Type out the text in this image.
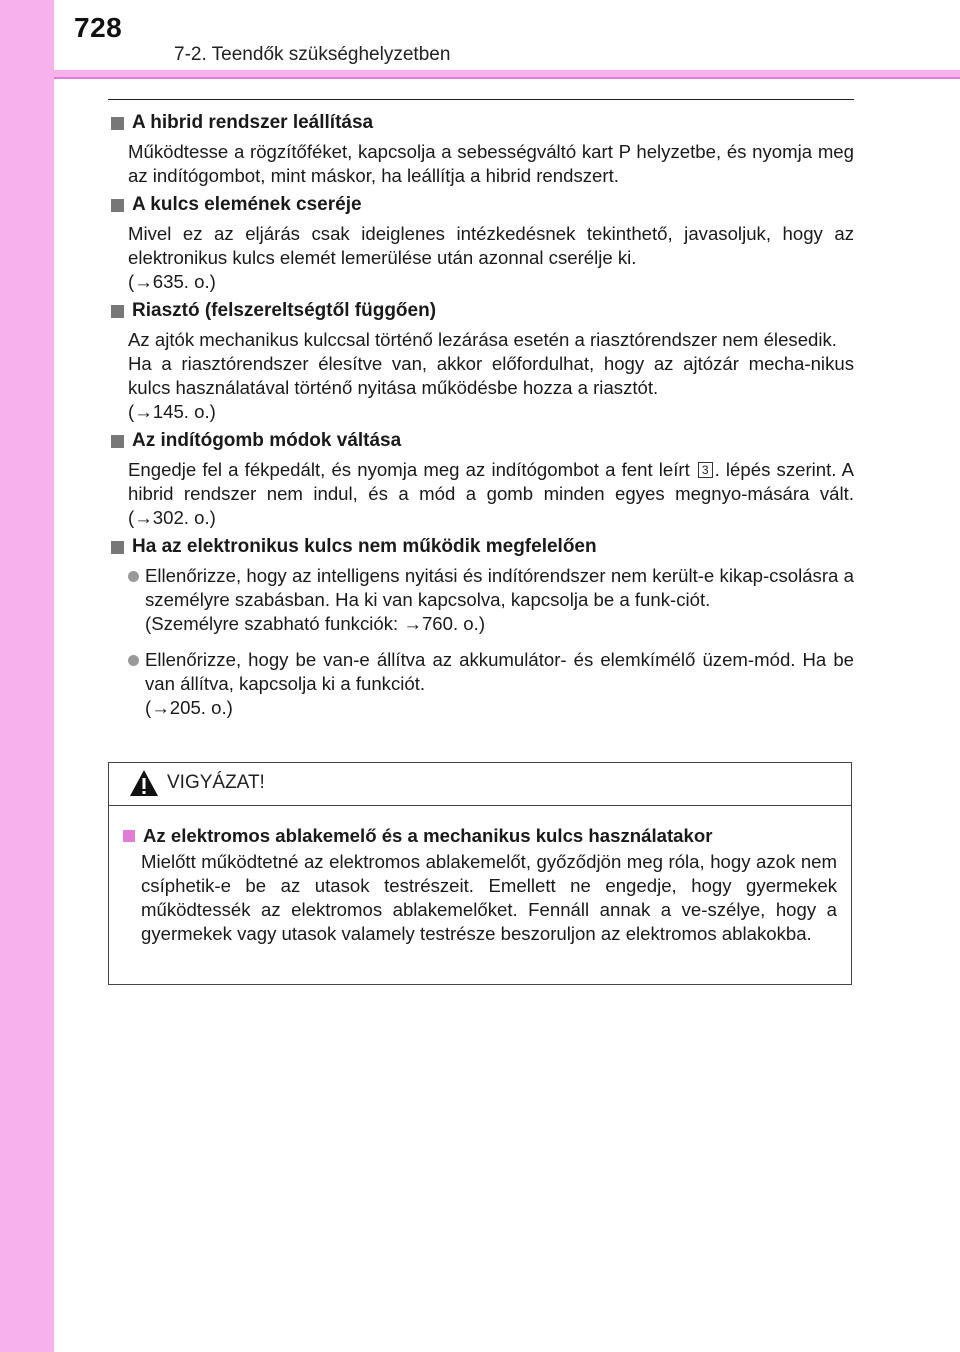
728
7-2. Teendők szükséghelyzetben
A hibrid rendszer leállítása

Működtesse a rögzítőféket, kapcsolja a sebességváltó kart P helyzetbe, és nyomja meg az indítógombot, mint máskor, ha leállítja a hibrid rendszert.

A kulcs elemének cseréje

Mivel ez az eljárás csak ideiglenes intézkedésnek tekinthető, javasoljuk, hogy az elektronikus kulcs elemét lemerülése után azonnal cserélje ki.

(→635. o.)

Riasztó (felszereltségtől függően)

Az ajtók mechanikus kulccsal történő lezárása esetén a riasztórendszer nem élesedik.

Ha a riasztórendszer élesítve van, akkor előfordulhat, hogy az ajtózár mecha-nikus kulcs használatával történő nyitása működésbe hozza a riasztót.

(→145. o.)

Az indítógomb módok váltása

Engedje fel a fékpedált, és nyomja meg az indítógombot a fent leírt 3 . lépés szerint. A hibrid rendszer nem indul, és a mód a gomb minden egyes megnyo-mására vált. (→302. o.)

Ha az elektronikus kulcs nem működik megfelelően
Ellenőrizze, hogy az intelligens nyitási és indítórendszer nem került-e kikap-csolásra a személyre szabásban. Ha ki van kapcsolva, kapcsolja be a funk-ciót.
(Személyre szabható funkciók: →760. o.)
Ellenőrizze, hogy be van-e állítva az akkumulátor- és elemkímélő üzem-mód. Ha be van állítva, kapcsolja ki a funkciót.
(→205. o.)
VIGYÁZAT!
Az elektromos ablakemelő és a mechanikus kulcs használatakor

Mielőtt működtetné az elektromos ablakemelőt, győződjön meg róla, hogy azok nem csíphetik-e be az utasok testrészeit. Emellett ne engedje, hogy gyermekek működtessék az elektromos ablakemelőket. Fennáll annak a ve-szélye, hogy a gyermekek vagy utasok valamely testrésze beszoruljon az elektromos ablakokba.
